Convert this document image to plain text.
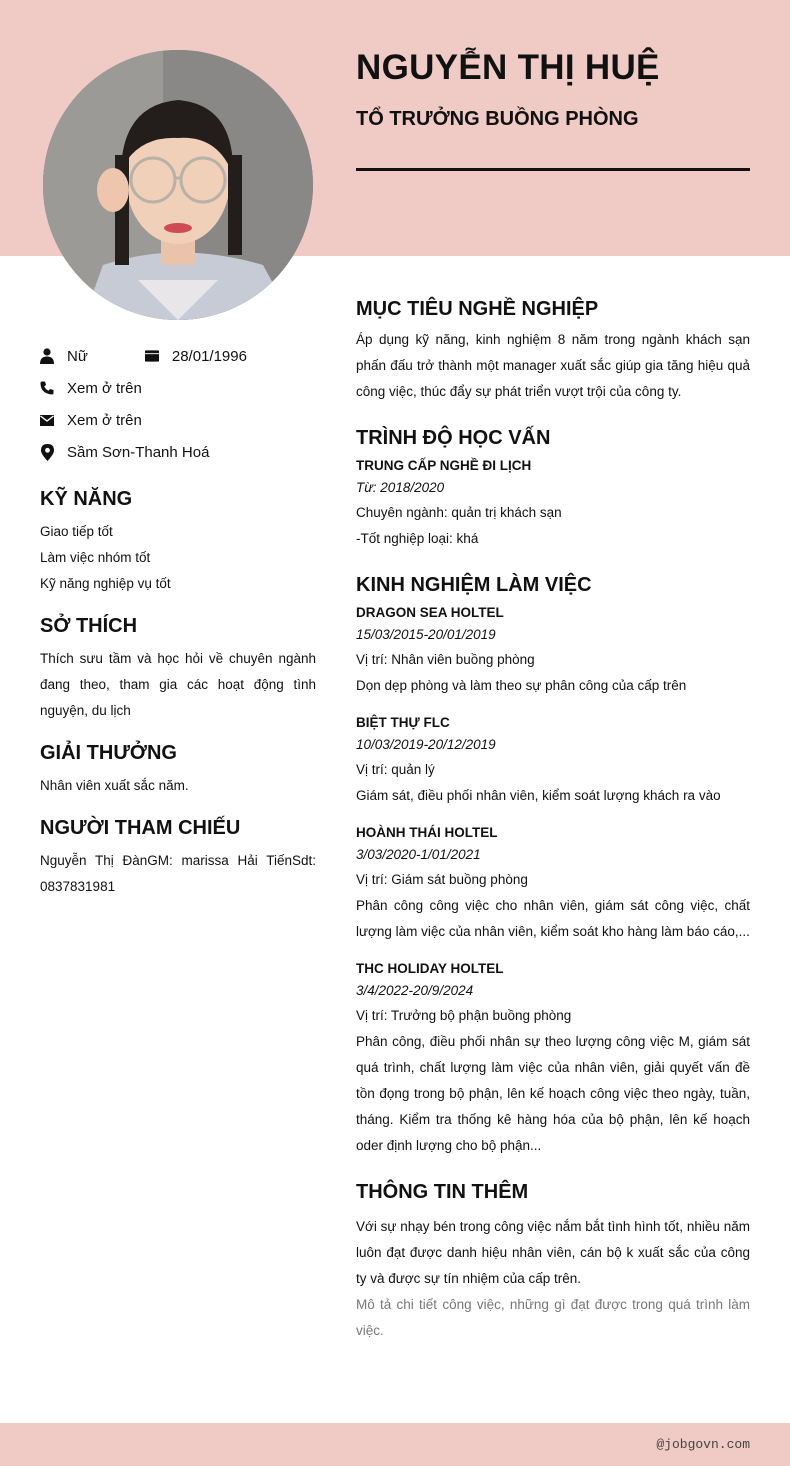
NGUYỄN THỊ HUỆ
TỔ TRƯỞNG BUỒNG PHÒNG
Nữ	28/01/1996
Xem ở trên
Xem ở trên
Sầm Sơn-Thanh Hoá
KỸ NĂNG

Giao tiếp tốt

Làm việc nhóm tốt

Kỹ năng nghiệp vụ tốt

SỞ THÍCH

Thích sưu tầm và học hỏi về chuyên ngành đang theo, tham gia các hoạt động tình nguyện, du lịch

GIẢI THƯỞNG

Nhân viên xuất sắc năm.

NGƯỜI THAM CHIẾU

Nguyễn Thị ĐànGM: marissa Hải TiếnSdt: 0837831981

MỤC TIÊU NGHỀ NGHIỆP

Áp dụng kỹ năng, kinh nghiệm 8 năm trong ngành khách sạn phấn đấu trở thành một manager xuất sắc giúp gia tăng hiệu quả công việc, thúc đẩy sự phát triển vượt trội của công ty.

TRÌNH ĐỘ HỌC VẤN

TRUNG CẤP NGHỀ ĐI LỊCH

Từ: 2018/2020

Chuyên ngành: quản trị khách sạn

-Tốt nghiệp loại: khá

KINH NGHIỆM LÀM VIỆC

DRAGON SEA HOLTEL

15/03/2015-20/01/2019

Vị trí: Nhân viên buồng phòng

Dọn dẹp phòng và làm theo sự phân công của cấp trên

BIỆT THỰ FLC

10/03/2019-20/12/2019

Vị trí: quản lý

Giám sát, điều phối nhân viên, kiểm soát lượng khách ra vào

HOÀNH THÁI HOLTEL

3/03/2020-1/01/2021

Vị trí: Giám sát buồng phòng

Phân công công việc cho nhân viên, giám sát công việc, chất lượng làm việc của nhân viên, kiểm soát kho hàng làm báo cáo,...

THC HOLIDAY HOLTEL

3/4/2022-20/9/2024

Vị trí: Trưởng bộ phận buồng phòng

Phân công, điều phối nhân sự theo lượng công việc M, giám sát quá trình, chất lượng làm việc của nhân viên, giải quyết vấn đề tồn đọng trong bộ phận, lên kế hoạch công việc theo ngày, tuần, tháng. Kiểm tra thống kê hàng hóa của bộ phận, lên kế hoạch oder định lượng cho bộ phận...

THÔNG TIN THÊM

Với sự nhạy bén trong công việc nắm bắt tình hình tốt, nhiều năm luôn đạt được danh hiệu nhân viên, cán bộ k xuất sắc của công ty và được sự tín nhiệm của cấp trên.

Mô tả chi tiết công việc, những gì đạt được trong quá trình làm việc.

@jobgovn.com
